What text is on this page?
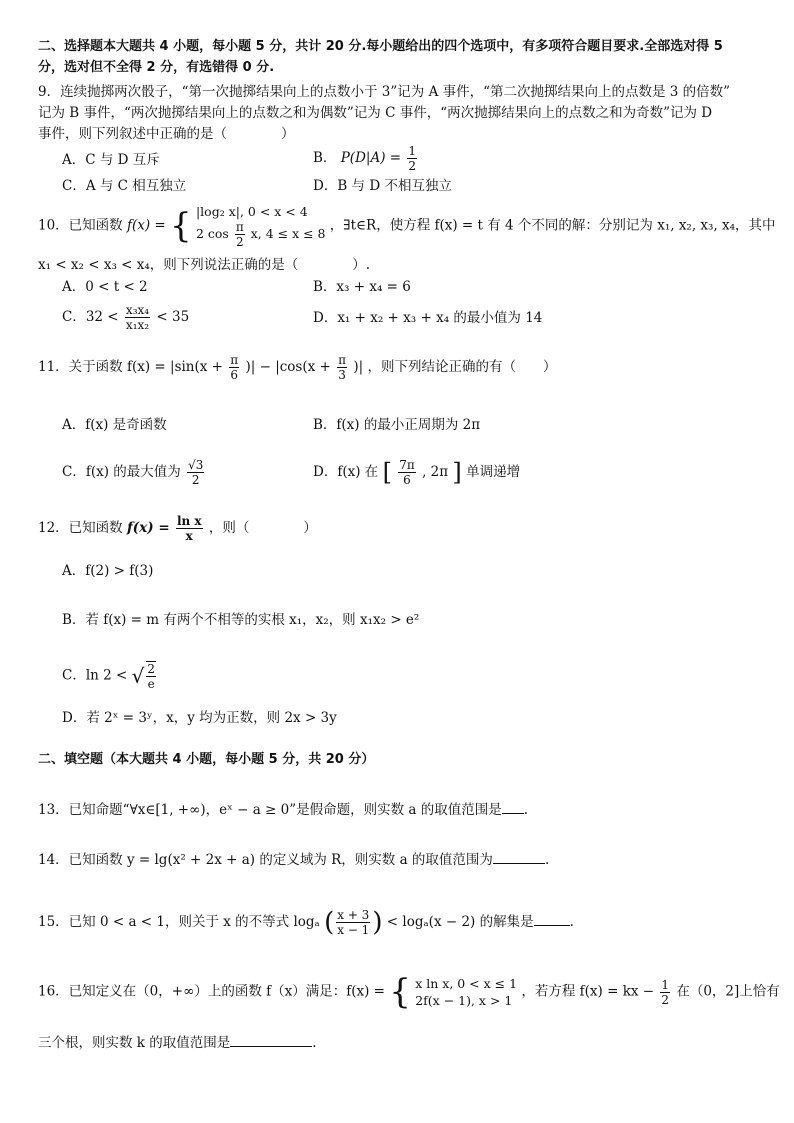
二、选择题本大题共 4 小题，每小题 5 分，共计 20 分.每小题给出的四个选项中，有多项符合题目要求.全部选对得 5
分，选对但不全得 2 分，有选错得 0 分.
9．连续抛掷两次骰子，“第一次抛掷结果向上的点数小于 3”记为 A 事件，“第二次抛掷结果向上的点数是 3 的倍数”
记为 B 事件，“两次抛掷结果向上的点数之和为偶数”记为 C 事件，“两次抛掷结果向上的点数之和为奇数”记为 D
事件，则下列叙述中正确的是（　　　　）
A．C 与 D 互斥	B． $P(D|A) = \frac{1}{2}$
C．A 与 C 相互独立	D．B 与 D 不相互独立
10．已知函数 f(x) = { |log₂ x|, 0 < x < 4
2 $\cos \frac{\pi}{2} x$, 4 ≤ x ≤ 8 ，∃t∈R，使方程 f(x) = t 有 4 个不同的解：分别记为 x₁, x₂, x₃, x₄，其中
x₁ < x₂ < x₃ < x₄，则下列说法正确的是（　　　　）.
A．0 < t < 2	B．x₃ + x₄ = 6
C．$32 < \frac{\text{x₃x₄}}{\text{x₁x₂}} < 35$	D．x₁ + x₂ + x₃ + x₄ 的最小值为 14
11．关于函数 $f(x) = |\sin(x + \frac{\pi}{6}$ )| − $|\cos(x + \frac{\pi}{3}$ )| ，则下列结论正确的有（　　）
A．f(x) 是奇函数	B．f(x) 的最小正周期为 2π
C．f(x) 的最大值为 $\frac{√3}{2}$	D．f(x) 在 [ $\frac{7\pi}{6}$ , 2π ] 单调递增
12．已知函数 $f(x) = \frac{\text{ln x}}{x}$ ，则（　　　　）
A．f(2) > f(3)
B．若 f(x) = m 有两个不相等的实根 x₁，x₂，则 x₁x₂ > e²
C．ln 2 < √ $\frac{2}{e}$
D．若 2ˣ = 3ʸ，x，y 均为正数，则 2x > 3y
二、填空题（本大题共 4 小题，每小题 5 分，共 20 分）
13．已知命题“∀x∈[1, +∞)，eˣ − a ≥ 0”是假命题，则实数 a 的取值范围是 .
14．已知函数 y = lg(x² + 2x + a) 的定义域为 R，则实数 a 的取值范围为	.
15．已知 0 < a < 1，则关于 x 的不等式 logₐ ( $\frac{x + 3}{x - 1}$ ) < logₐ(x − 2) 的解集是	.
16．已知定义在（0，+∞）上的函数 f（x）满足：f(x) = { x ln x, 0 < x ≤ 1
2f(x − 1), x > 1
，若方程 f(x) = kx − $\frac{1}{2}$ 在（0，2]上恰有
三个根，则实数 k 的取值范围是	.
